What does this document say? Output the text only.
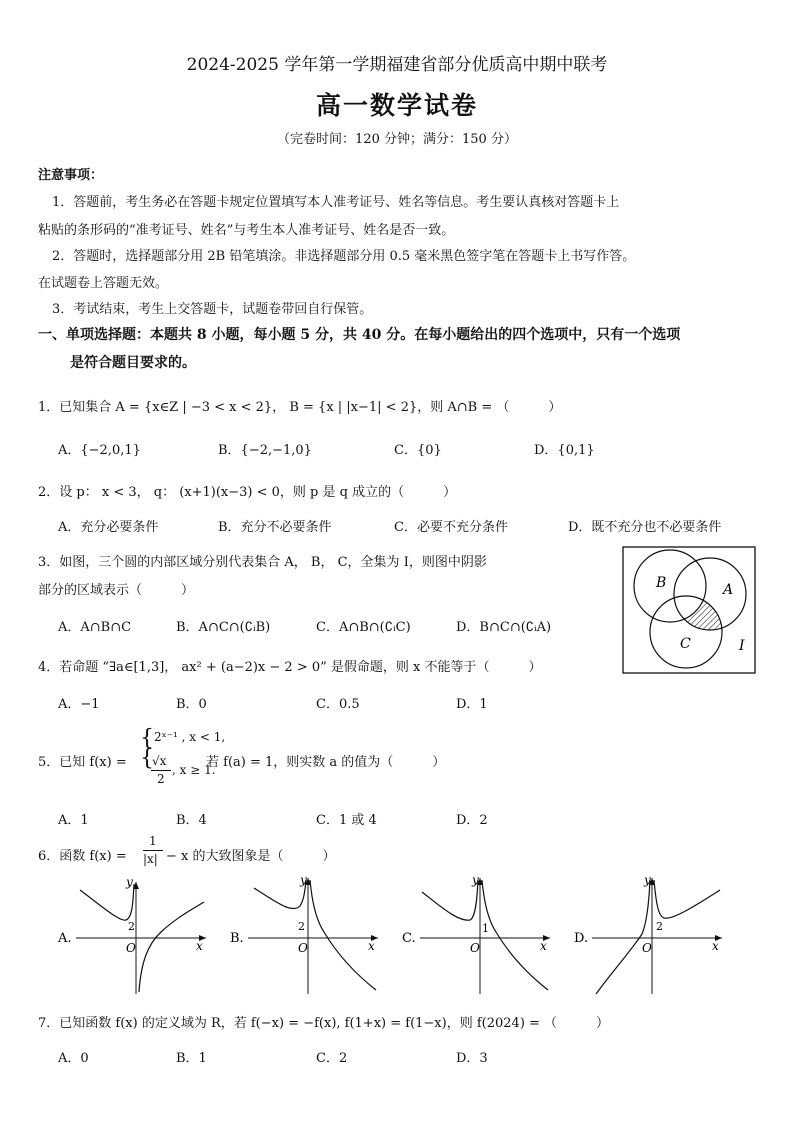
2024-2025 学年第一学期福建省部分优质高中期中联考
高一数学试卷
（完卷时间：120 分钟；满分：150 分）
注意事项：
1．答题前，考生务必在答题卡规定位置填写本人准考证号、姓名等信息。考生要认真核对答题卡上
粘贴的条形码的“准考证号、姓名”与考生本人准考证号、姓名是否一致。
2．答题时，选择题部分用 2B 铅笔填涂。非选择题部分用 0.5 毫米黑色签字笔在答题卡上书写作答。
在试题卷上答题无效。
3．考试结束，考生上交答题卡，试题卷带回自行保管。
一、单项选择题：本题共 8 小题，每小题 5 分，共 40 分。在每小题给出的四个选项中，只有一个选项
是符合题目要求的。
1．已知集合 A = {x∈Z | −3 < x < 2}， B = {x | |x−1| < 2}，则 A∩B = （　　　）
A．{−2,0,1}	B．{−2,−1,0}	C．{0}	D．{0,1}
2．设 p： x < 3， q： (x+1)(x−3) < 0，则 p 是 q 成立的（　　　）
A．充分必要条件	B．充分不必要条件	C．必要不充分条件	D．既不充分也不必要条件
3．如图，三个圆的内部区域分别代表集合 A， B， C，全集为 I，则图中阴影
部分的区域表示（　　　）
A．A∩B∩C	B．A∩C∩(∁ᵢB)	C．A∩B∩(∁ᵢC)	D．B∩C∩(∁ᵢA)
B	A
C	I
4．若命题 “∃a∈[1,3]， ax² + (a−2)x − 2 > 0” 是假命题，则 x 不能等于（　　　）
A．−1	B．0	C．0.5	D．1
5．已知 f(x) =
{
{
2ˣ⁻¹ , x < 1,
√x
2
, x ≥ 1.
若 f(a) = 1，则实数 a 的值为（　　　）
A．1	B．4	C．1 或 4	D．2
6．函数 f(x) =
1
|x| − x 的大致图象是（　　　）
A.	x
y
O
2
B.	x
y
O
2
C.	x
y
O
1
D.	x
y
O
2
7．已知函数 f(x) 的定义域为 R，若 f(−x) = −f(x), f(1+x) = f(1−x)，则 f(2024) = （　　　）
A．0	B．1	C．2	D．3
